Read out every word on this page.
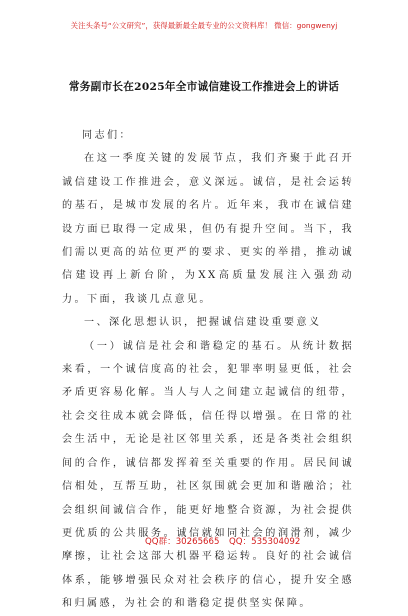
关注头条号“公文研究”，获得最新最全最专业的公文资料库！ 微信：gongwenyj
常务副市长在2025年全市诚信建设工作推进会上的讲话

同志们：

在这一季度关键的发展节点，我们齐聚于此召开诚信建设工作推进会，意义深远。诚信，是社会运转的基石，是城市发展的名片。近年来，我市在诚信建设方面已取得一定成果，但仍有提升空间。当下，我们需以更高的站位更严的要求、更实的举措，推动诚信建设再上新台阶，为XX高质量发展注入强劲动力。下面，我谈几点意见。

一、深化思想认识，把握诚信建设重要意义

（一）诚信是社会和谐稳定的基石。从统计数据来看，一个诚信度高的社会，犯罪率明显更低，社会矛盾更容易化解。当人与人之间建立起诚信的纽带，社会交往成本就会降低，信任得以增强。在日常的社会生活中，无论是社区邻里关系，还是各类社会组织间的合作，诚信都发挥着至关重要的作用。居民间诚信相处，互帮互助，社区氛围就会更加和谐融洽；社会组织间诚信合作，能更好地整合资源，为社会提供更优质的公共服务。诚信就如同社会的润滑剂，减少摩擦，让社会这部大机器平稳运转。良好的社会诚信体系，能够增强民众对社会秩序的信心，提升安全感和归属感，为社会的和谐稳定提供坚实保障。

QQ群：30265665 QQ：535304092
